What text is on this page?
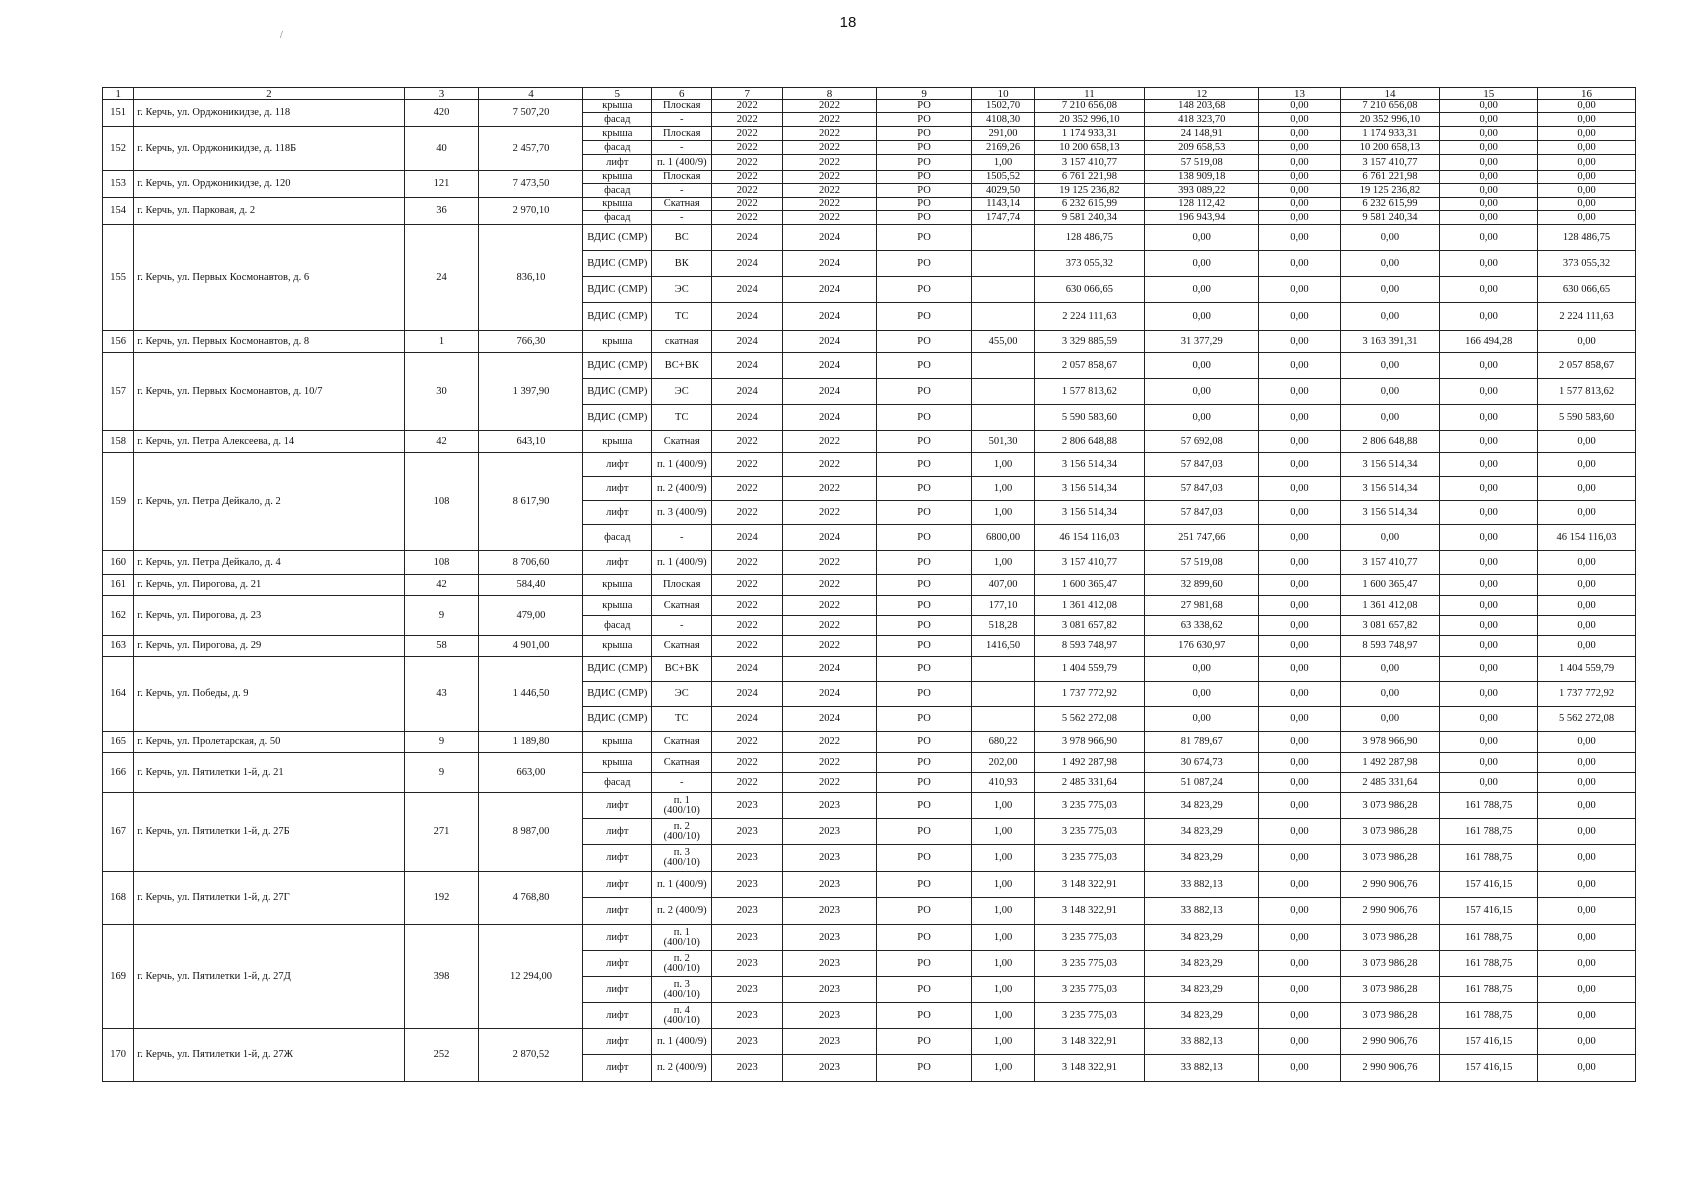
18
/
1	2	3	4	5	6	7	8	9	10	11	12	13	14	15	16
151	г. Керчь, ул. Орджоникидзе, д. 118	420	7 507,20	крыша	Плоская	2022	2022	РО	1502,70	7 210 656,08	148 203,68	0,00	7 210 656,08	0,00	0,00
				фасад	-	2022	2022	РО	4108,30	20 352 996,10	418 323,70	0,00	20 352 996,10	0,00	0,00
152	г. Керчь, ул. Орджоникидзе, д. 118Б	40	2 457,70	крыша	Плоская	2022	2022	РО	291,00	1 174 933,31	24 148,91	0,00	1 174 933,31	0,00	0,00
				фасад	-	2022	2022	РО	2169,26	10 200 658,13	209 658,53	0,00	10 200 658,13	0,00	0,00
				лифт	п. 1 (400/9)	2022	2022	РО	1,00	3 157 410,77	57 519,08	0,00	3 157 410,77	0,00	0,00
153	г. Керчь, ул. Орджоникидзе, д. 120	121	7 473,50	крыша	Плоская	2022	2022	РО	1505,52	6 761 221,98	138 909,18	0,00	6 761 221,98	0,00	0,00
				фасад	-	2022	2022	РО	4029,50	19 125 236,82	393 089,22	0,00	19 125 236,82	0,00	0,00
154	г. Керчь, ул. Парковая, д. 2	36	2 970,10	крыша	Скатная	2022	2022	РО	1143,14	6 232 615,99	128 112,42	0,00	6 232 615,99	0,00	0,00
				фасад	-	2022	2022	РО	1747,74	9 581 240,34	196 943,94	0,00	9 581 240,34	0,00	0,00
155	г. Керчь, ул. Первых Космонавтов, д. 6	24	836,10	ВДИС (СМР)	ВС	2024	2024	РО		128 486,75	0,00	0,00	0,00	0,00	128 486,75
				ВДИС (СМР)	ВК	2024	2024	РО		373 055,32	0,00	0,00	0,00	0,00	373 055,32
				ВДИС (СМР)	ЭС	2024	2024	РО		630 066,65	0,00	0,00	0,00	0,00	630 066,65
				ВДИС (СМР)	ТС	2024	2024	РО		2 224 111,63	0,00	0,00	0,00	0,00	2 224 111,63
156	г. Керчь, ул. Первых Космонавтов, д. 8	1	766,30	крыша	скатная	2024	2024	РО	455,00	3 329 885,59	31 377,29	0,00	3 163 391,31	166 494,28	0,00
157	г. Керчь, ул. Первых Космонавтов, д. 10/7	30	1 397,90	ВДИС (СМР)	ВС+ВК	2024	2024	РО		2 057 858,67	0,00	0,00	0,00	0,00	2 057 858,67
				ВДИС (СМР)	ЭС	2024	2024	РО		1 577 813,62	0,00	0,00	0,00	0,00	1 577 813,62
				ВДИС (СМР)	ТС	2024	2024	РО		5 590 583,60	0,00	0,00	0,00	0,00	5 590 583,60
158	г. Керчь, ул. Петра Алексеева, д. 14	42	643,10	крыша	Скатная	2022	2022	РО	501,30	2 806 648,88	57 692,08	0,00	2 806 648,88	0,00	0,00
159	г. Керчь, ул. Петра Дейкало, д. 2	108	8 617,90	лифт	п. 1 (400/9)	2022	2022	РО	1,00	3 156 514,34	57 847,03	0,00	3 156 514,34	0,00	0,00
				лифт	п. 2 (400/9)	2022	2022	РО	1,00	3 156 514,34	57 847,03	0,00	3 156 514,34	0,00	0,00
				лифт	п. 3 (400/9)	2022	2022	РО	1,00	3 156 514,34	57 847,03	0,00	3 156 514,34	0,00	0,00
				фасад	-	2024	2024	РО	6800,00	46 154 116,03	251 747,66	0,00	0,00	0,00	46 154 116,03
160	г. Керчь, ул. Петра Дейкало, д. 4	108	8 706,60	лифт	п. 1 (400/9)	2022	2022	РО	1,00	3 157 410,77	57 519,08	0,00	3 157 410,77	0,00	0,00
161	г. Керчь, ул. Пирогова, д. 21	42	584,40	крыша	Плоская	2022	2022	РО	407,00	1 600 365,47	32 899,60	0,00	1 600 365,47	0,00	0,00
162	г. Керчь, ул. Пирогова, д. 23	9	479,00	крыша	Скатная	2022	2022	РО	177,10	1 361 412,08	27 981,68	0,00	1 361 412,08	0,00	0,00
				фасад	-	2022	2022	РО	518,28	3 081 657,82	63 338,62	0,00	3 081 657,82	0,00	0,00
163	г. Керчь, ул. Пирогова, д. 29	58	4 901,00	крыша	Скатная	2022	2022	РО	1416,50	8 593 748,97	176 630,97	0,00	8 593 748,97	0,00	0,00
164	г. Керчь, ул. Победы, д. 9	43	1 446,50	ВДИС (СМР)	ВС+ВК	2024	2024	РО		1 404 559,79	0,00	0,00	0,00	0,00	1 404 559,79
				ВДИС (СМР)	ЭС	2024	2024	РО		1 737 772,92	0,00	0,00	0,00	0,00	1 737 772,92
				ВДИС (СМР)	ТС	2024	2024	РО		5 562 272,08	0,00	0,00	0,00	0,00	5 562 272,08
165	г. Керчь, ул. Пролетарская, д. 50	9	1 189,80	крыша	Скатная	2022	2022	РО	680,22	3 978 966,90	81 789,67	0,00	3 978 966,90	0,00	0,00
166	г. Керчь, ул. Пятилетки 1-й, д. 21	9	663,00	крыша	Скатная	2022	2022	РО	202,00	1 492 287,98	30 674,73	0,00	1 492 287,98	0,00	0,00
				фасад	-	2022	2022	РО	410,93	2 485 331,64	51 087,24	0,00	2 485 331,64	0,00	0,00
167	г. Керчь, ул. Пятилетки 1-й, д. 27Б	271	8 987,00	лифт	п. 1 (400/10)	2023	2023	РО	1,00	3 235 775,03	34 823,29	0,00	3 073 986,28	161 788,75	0,00
				лифт	п. 2 (400/10)	2023	2023	РО	1,00	3 235 775,03	34 823,29	0,00	3 073 986,28	161 788,75	0,00
				лифт	п. 3 (400/10)	2023	2023	РО	1,00	3 235 775,03	34 823,29	0,00	3 073 986,28	161 788,75	0,00
168	г. Керчь, ул. Пятилетки 1-й, д. 27Г	192	4 768,80	лифт	п. 1 (400/9)	2023	2023	РО	1,00	3 148 322,91	33 882,13	0,00	2 990 906,76	157 416,15	0,00
				лифт	п. 2 (400/9)	2023	2023	РО	1,00	3 148 322,91	33 882,13	0,00	2 990 906,76	157 416,15	0,00
169	г. Керчь, ул. Пятилетки 1-й, д. 27Д	398	12 294,00	лифт	п. 1 (400/10)	2023	2023	РО	1,00	3 235 775,03	34 823,29	0,00	3 073 986,28	161 788,75	0,00
				лифт	п. 2 (400/10)	2023	2023	РО	1,00	3 235 775,03	34 823,29	0,00	3 073 986,28	161 788,75	0,00
				лифт	п. 3 (400/10)	2023	2023	РО	1,00	3 235 775,03	34 823,29	0,00	3 073 986,28	161 788,75	0,00
				лифт	п. 4 (400/10)	2023	2023	РО	1,00	3 235 775,03	34 823,29	0,00	3 073 986,28	161 788,75	0,00
170	г. Керчь, ул. Пятилетки 1-й, д. 27Ж	252	2 870,52	лифт	п. 1 (400/9)	2023	2023	РО	1,00	3 148 322,91	33 882,13	0,00	2 990 906,76	157 416,15	0,00
				лифт	п. 2 (400/9)	2023	2023	РО	1,00	3 148 322,91	33 882,13	0,00	2 990 906,76	157 416,15	0,00
